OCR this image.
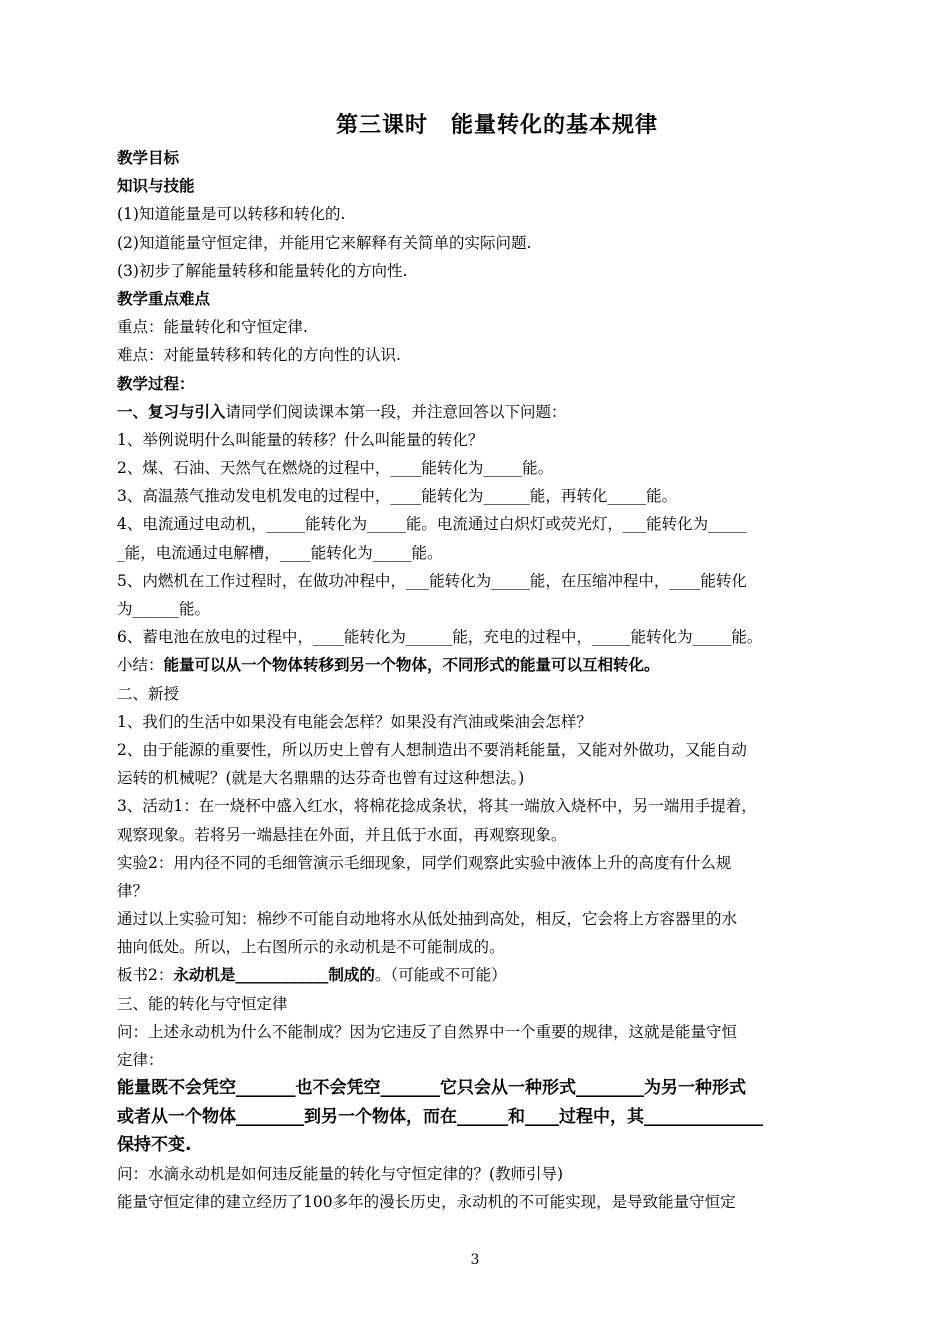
第三课时　能量转化的基本规律
教学目标
知识与技能
(1)知道能量是可以转移和转化的.
(2)知道能量守恒定律，并能用它来解释有关简单的实际问题.
(3)初步了解能量转移和能量转化的方向性.
教学重点难点
重点：能量转化和守恒定律.
难点：对能量转移和转化的方向性的认识.
教学过程：
一、复习与引入请同学们阅读课本第一段，并注意回答以下问题：
1、举例说明什么叫能量的转移？什么叫能量的转化？
2、煤、石油、天然气在燃烧的过程中，____能转化为_____能。
3、高温蒸气推动发电机发电的过程中，____能转化为______能，再转化_____能。
4、电流通过电动机，_____能转化为_____能。电流通过白炽灯或荧光灯，___能转化为_____
_能，电流通过电解槽，____能转化为_____能。
5、内燃机在工作过程时，在做功冲程中，___能转化为_____能，在压缩冲程中，____能转化
为______能。
6、蓄电池在放电的过程中，____能转化为______能，充电的过程中，_____能转化为_____能。
小结：能量可以从一个物体转移到另一个物体，不同形式的能量可以互相转化。
二、新授
1、我们的生活中如果没有电能会怎样？如果没有汽油或柴油会怎样？
2、由于能源的重要性，所以历史上曾有人想制造出不要消耗能量，又能对外做功，又能自动
运转的机械呢？(就是大名鼎鼎的达芬奇也曾有过这种想法。)
3、活动1：在一烧杯中盛入红水，将棉花捻成条状，将其一端放入烧杯中，另一端用手提着，
观察现象。若将另一端悬挂在外面，并且低于水面，再观察现象。
实验2：用内径不同的毛细管演示毛细现象，同学们观察此实验中液体上升的高度有什么规
律？
通过以上实验可知：棉纱不可能自动地将水从低处抽到高处，相反，它会将上方容器里的水
抽向低处。所以，上右图所示的永动机是不可能制成的。
板书2：永动机是____________制成的。（可能或不可能）
三、能的转化与守恒定律
问：上述永动机为什么不能制成？因为它违反了自然界中一个重要的规律，这就是能量守恒
定律：
能量既不会凭空_______也不会凭空_______它只会从一种形式________为另一种形式
或者从一个物体________到另一个物体，而在______和____过程中，其______________
保持不变.
问：水滴永动机是如何违反能量的转化与守恒定律的？(教师引导)
能量守恒定律的建立经历了100多年的漫长历史，永动机的不可能实现，是导致能量守恒定
3
